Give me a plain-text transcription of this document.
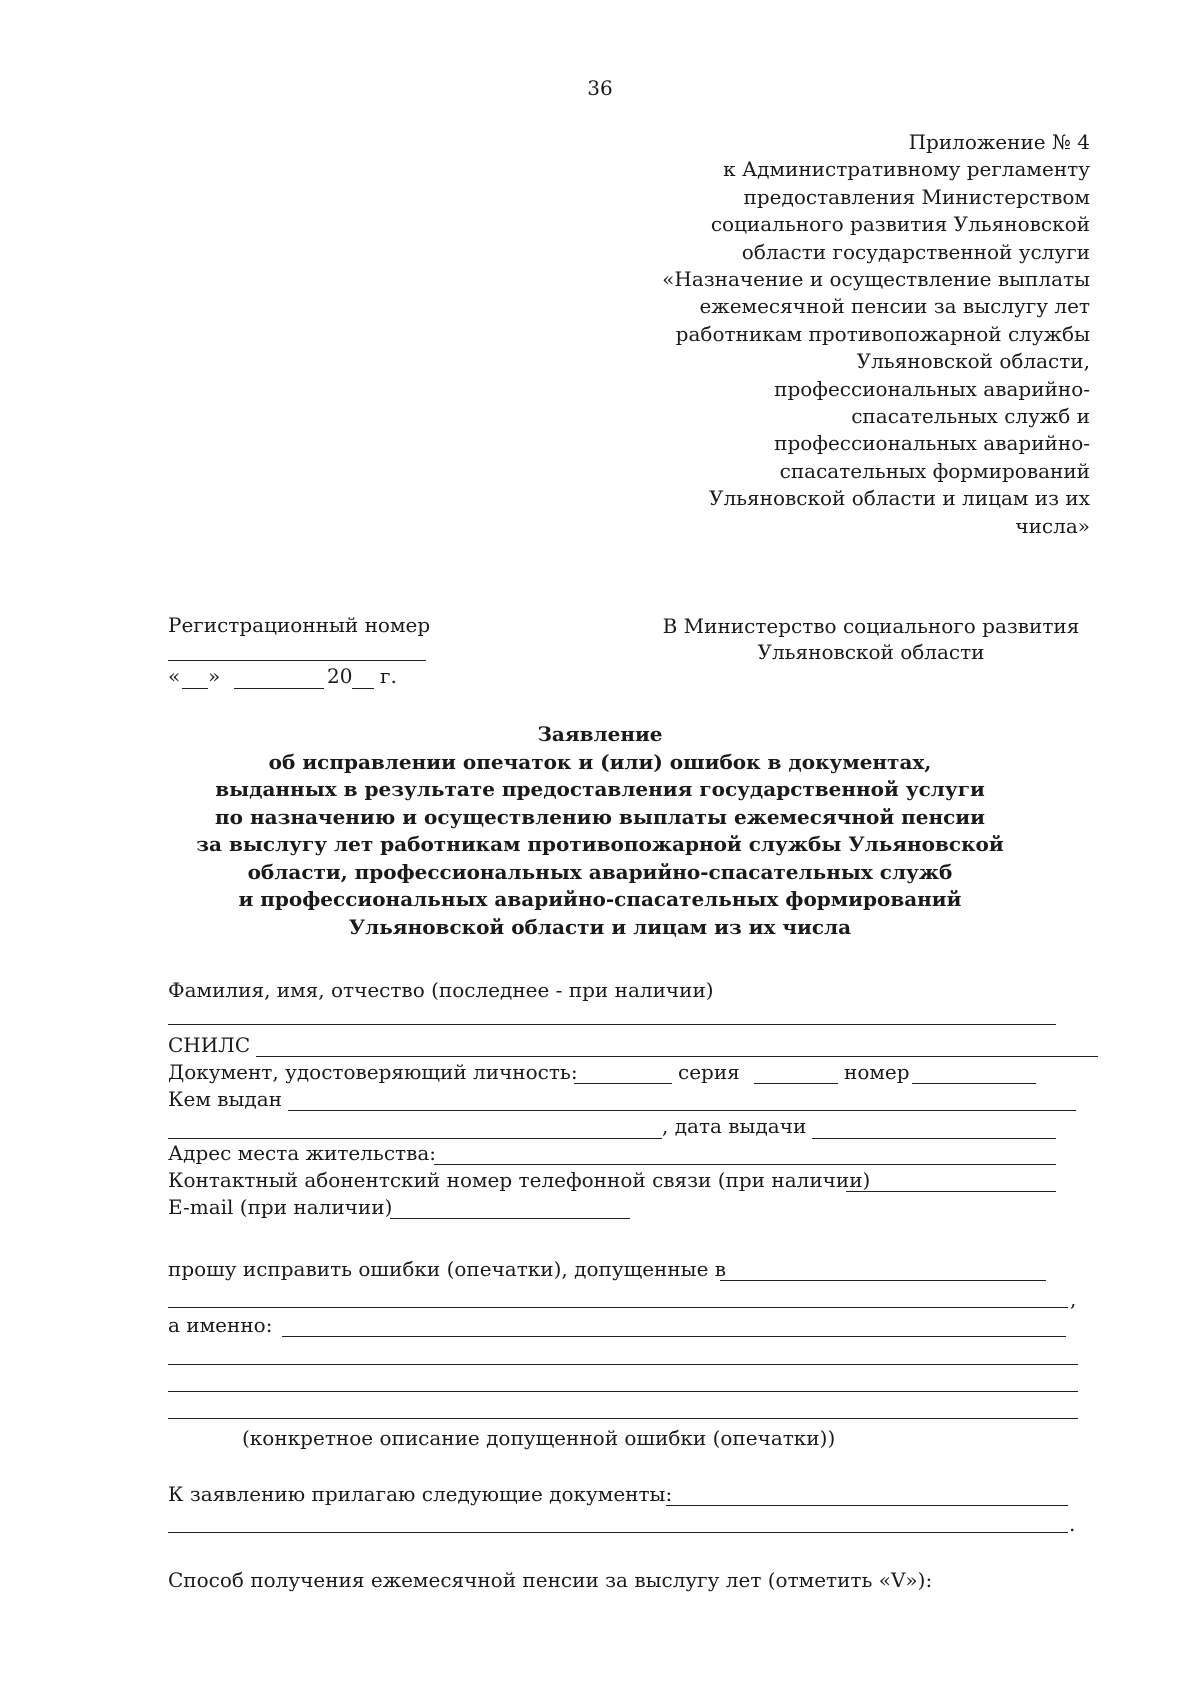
36
Приложение № 4
к Административному регламенту
предоставления Министерством
социального развития Ульяновской
области государственной услуги
«Назначение и осуществление выплаты
ежемесячной пенсии за выслугу лет
работникам противопожарной службы
Ульяновской области,
профессиональных аварийно-
спасательных служб и
профессиональных аварийно-
спасательных формирований
Ульяновской области и лицам из их
числа»
Регистрационный номер
« »	20 г.
В Министерство социального развития
Ульяновской области
Заявление
об исправлении опечаток и (или) ошибок в документах,
выданных в результате предоставления государственной услуги
по назначению и осуществлению выплаты ежемесячной пенсии
за выслугу лет работникам противопожарной службы Ульяновской
области, профессиональных аварийно-спасательных служб
и профессиональных аварийно-спасательных формирований
Ульяновской области и лицам из их числа
Фамилия, имя, отчество (последнее - при наличии)
СНИЛС
Документ, удостоверяющий личность:	серия	номер
Кем выдан
, дата выдачи
Адрес места жительства:
Контактный абонентский номер телефонной связи (при наличии)
E-mail (при наличии)
прошу исправить ошибки (опечатки), допущенные в
,
а именно:
(конкретное описание допущенной ошибки (опечатки))
К заявлению прилагаю следующие документы:
.
Способ получения ежемесячной пенсии за выслугу лет (отметить «V»):
